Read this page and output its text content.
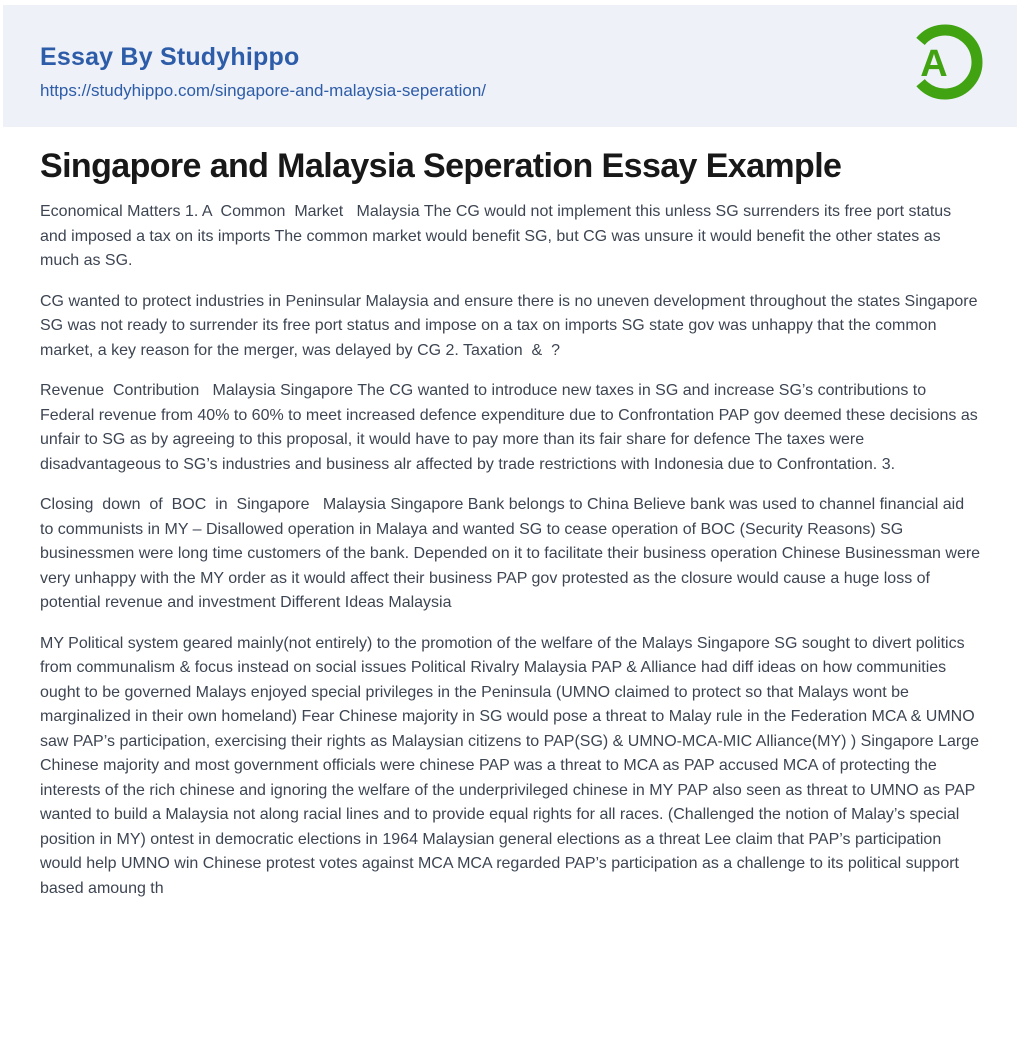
Essay By Studyhippo
https://studyhippo.com/singapore-and-malaysia-seperation/
A
Singapore and Malaysia Seperation Essay Example

Economical Matters 1. A  Common  Market   Malaysia The CG would not implement this unless SG surrenders its free port status and imposed a tax on its imports The common market would benefit SG, but CG was unsure it would benefit the other states as much as SG.

CG wanted to protect industries in Peninsular Malaysia and ensure there is no uneven development throughout the states Singapore SG was not ready to surrender its free port status and impose on a tax on imports SG state gov was unhappy that the common market, a key reason for the merger, was delayed by CG 2. Taxation  &  ?

Revenue  Contribution   Malaysia Singapore The CG wanted to introduce new taxes in SG and increase SG’s contributions to Federal revenue from 40% to 60% to meet increased defence expenditure due to Confrontation PAP gov deemed these decisions as unfair to SG as by agreeing to this proposal, it would have to pay more than its fair share for defence The taxes were disadvantageous to SG’s industries and business alr affected by trade restrictions with Indonesia due to Confrontation. 3.

Closing  down  of  BOC  in  Singapore   Malaysia Singapore Bank belongs to China Believe bank was used to channel financial aid to communists in MY – Disallowed operation in Malaya and wanted SG to cease operation of BOC (Security Reasons) SG businessmen were long time customers of the bank. Depended on it to facilitate their business operation Chinese Businessman were very unhappy with the MY order as it would affect their business PAP gov protested as the closure would cause a huge loss of potential revenue and investment Different Ideas Malaysia

MY Political system geared mainly(not entirely) to the promotion of the welfare of the Malays Singapore SG sought to divert politics from communalism & focus instead on social issues Political Rivalry Malaysia PAP & Alliance had diff ideas on how communities ought to be governed Malays enjoyed special privileges in the Peninsula (UMNO claimed to protect so that Malays wont be marginalized in their own homeland) Fear Chinese majority in SG would pose a threat to Malay rule in the Federation MCA & UMNO saw PAP’s participation, exercising their rights as Malaysian citizens to PAP(SG) & UMNO-MCA-MIC Alliance(MY) ) Singapore Large Chinese majority and most government officials were chinese PAP was a threat to MCA as PAP accused MCA of protecting the interests of the rich chinese and ignoring the welfare of the underprivileged chinese in MY PAP also seen as threat to UMNO as PAP wanted to build a Malaysia not along racial lines and to provide equal rights for all races. (Challenged the notion of Malay’s special position in MY) ontest in democratic elections in 1964 Malaysian general elections as a threat Lee claim that PAP’s participation would help UMNO win Chinese protest votes against MCA MCA regarded PAP’s participation as a challenge to its political support based amoung th
